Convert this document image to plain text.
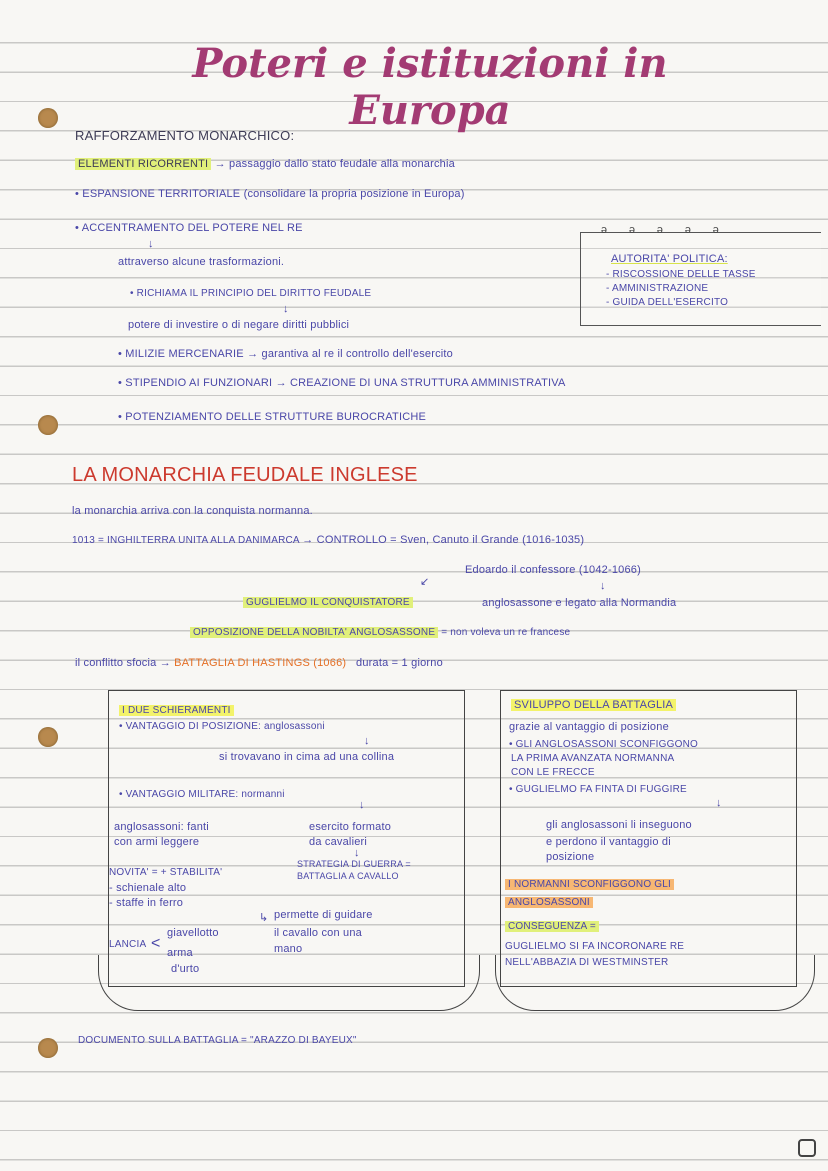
Poteri e istituzioni in Europa
RAFFORZAMENTO MONARCHICO:
ELEMENTI RICORRENTI → passaggio dallo stato feudale alla monarchia
• ESPANSIONE TERRITORIALE (consolidare la propria posizione in Europa)
• ACCENTRAMENTO DEL POTERE NEL RE
↓
attraverso alcune trasformazioni.
• RICHIAMA IL PRINCIPIO DEL DIRITTO FEUDALE
↓
potere di investire o di negare diritti pubblici
• MILIZIE MERCENARIE → garantiva al re il controllo dell'esercito
• STIPENDIO AI FUNZIONARI → CREAZIONE DI UNA STRUTTURA AMMINISTRATIVA
• POTENZIAMENTO DELLE STRUTTURE BUROCRATICHE
ₔₔₔₔₔ
AUTORITA' POLITICA:
- RISCOSSIONE DELLE TASSE
- AMMINISTRAZIONE
- GUIDA DELL'ESERCITO
LA MONARCHIA FEUDALE INGLESE
la monarchia arriva con la conquista normanna.
1013 = INGHILTERRA UNITA ALLA DANIMARCA → CONTROLLO = Sven, Canuto il Grande (1016-1035)
↙
Edoardo il confessore (1042-1066)
↓
GUGLIELMO IL CONQUISTATORE	anglosassone e legato alla Normandia
OPPOSIZIONE DELLA NOBILTA' ANGLOSASSONE = non voleva un re francese
il conflitto sfocia → BATTAGLIA DI HASTINGS (1066) durata = 1 giorno
I DUE SCHIERAMENTI
• VANTAGGIO DI POSIZIONE: anglosassoni
↓
si trovavano in cima ad una collina
• VANTAGGIO MILITARE: normanni
↓
anglosassoni: fanti
con armi leggere
esercito formato
da cavalieri
↓
STRATEGIA DI GUERRA =
BATTAGLIA A CAVALLO
NOVITA' = + STABILITA'
- schienale alto
- staffe in ferro
↳ permette di guidare
il cavallo con una
mano
LANCIA <
giavellotto
arma
d'urto
SVILUPPO DELLA BATTAGLIA
grazie al vantaggio di posizione
• GLI ANGLOSASSONI SCONFIGGONO
LA PRIMA AVANZATA NORMANNA
CON LE FRECCE
• GUGLIELMO FA FINTA DI FUGGIRE
↓
gli anglosassoni li inseguono
e perdono il vantaggio di
posizione
I NORMANNI SCONFIGGONO GLI
ANGLOSASSONI
CONSEGUENZA =
GUGLIELMO SI FA INCORONARE RE
NELL'ABBAZIA DI WESTMINSTER
DOCUMENTO SULLA BATTAGLIA = "ARAZZO DI BAYEUX"
